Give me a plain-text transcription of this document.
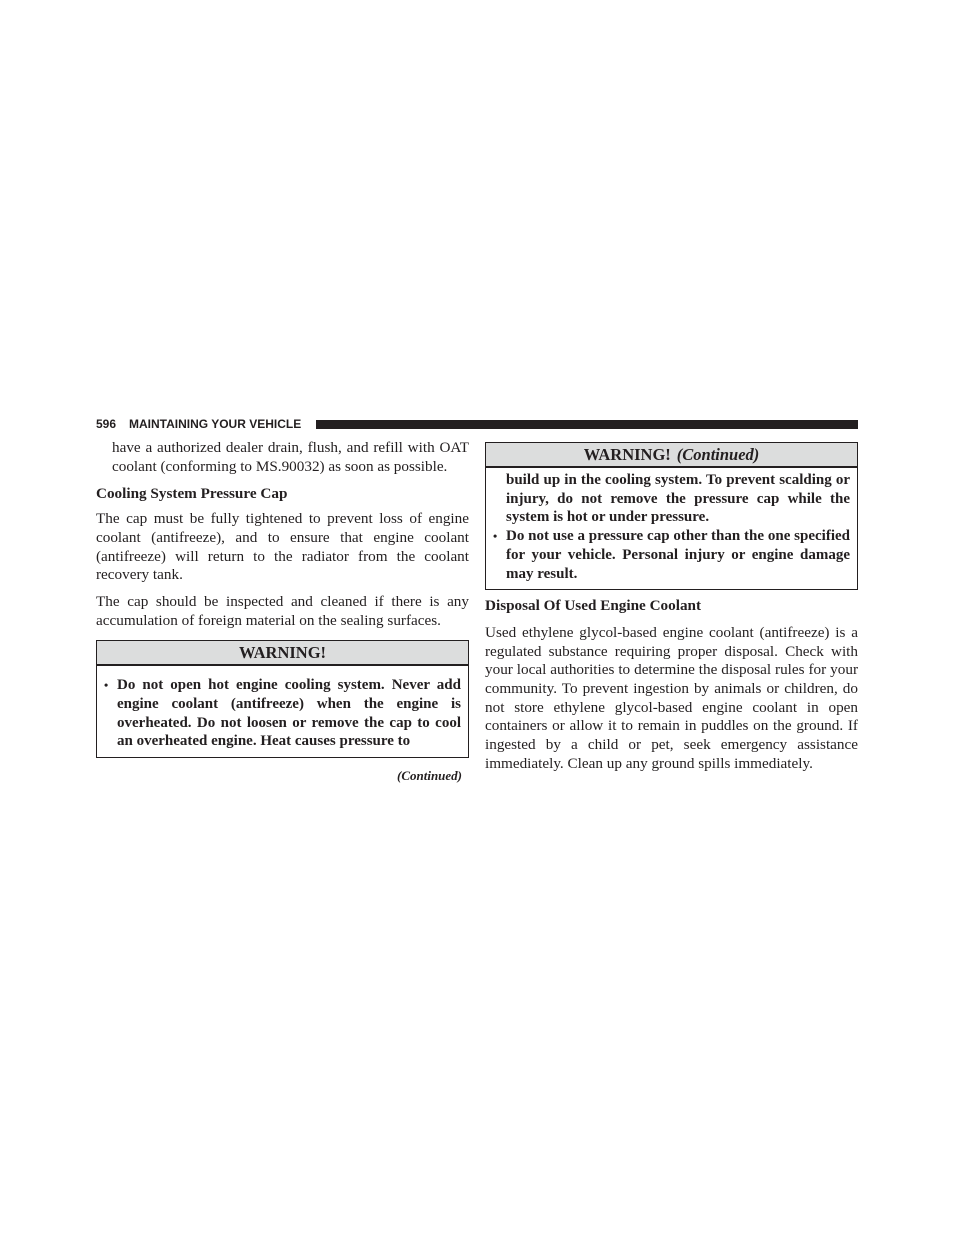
596 MAINTAINING YOUR VEHICLE

have a authorized dealer drain, flush, and refill with OAT coolant (conforming to MS.90032) as soon as possible.

Cooling System Pressure Cap

The cap must be fully tightened to prevent loss of engine coolant (antifreeze), and to ensure that engine coolant (antifreeze) will return to the radiator from the coolant recovery tank.

The cap should be inspected and cleaned if there is any accumulation of foreign material on the sealing surfaces.

WARNING!
• Do not open hot engine cooling system. Never add engine coolant (antifreeze) when the engine is overheated. Do not loosen or remove the cap to cool an overheated engine. Heat causes pressure to
(Continued)
WARNING! (Continued)
build up in the cooling system. To prevent scalding or injury, do not remove the pressure cap while the system is hot or under pressure.
• Do not use a pressure cap other than the one specified for your vehicle. Personal injury or engine damage may result.
Disposal Of Used Engine Coolant

Used ethylene glycol-based engine coolant (antifreeze) is a regulated substance requiring proper disposal. Check with your local authorities to determine the disposal rules for your community. To prevent ingestion by animals or children, do not store ethylene glycol-based engine coolant in open containers or allow it to remain in puddles on the ground. If ingested by a child or pet, seek emergency assistance immediately. Clean up any ground spills immediately.
